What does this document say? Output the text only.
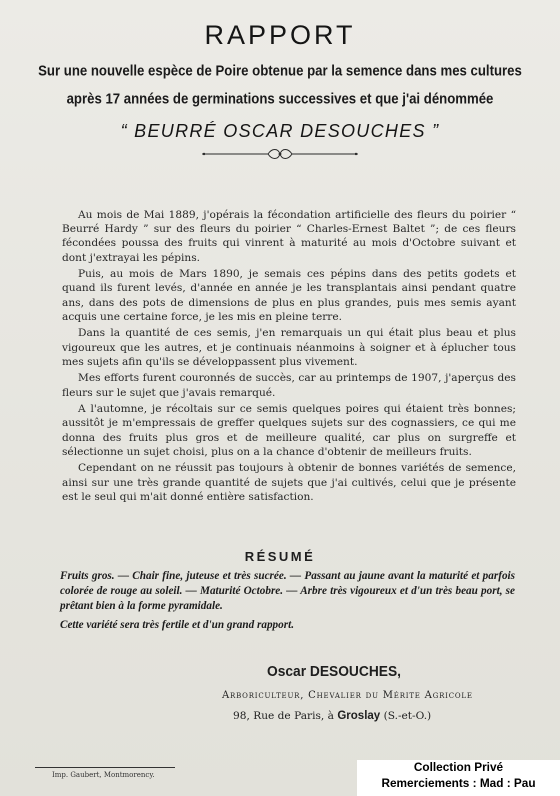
RAPPORT
Sur une nouvelle espèce de Poire obtenue par la semence dans mes cultures
après 17 années de germinations successives et que j'ai dénommée
“ BEURRÉ OSCAR DESOUCHES ”

Au mois de Mai 1889, j'opérais la fécondation artificielle des fleurs du poirier “ Beurré Hardy ” sur des fleurs du poirier “ Charles-Ernest Baltet ”; de ces fleurs fécondées poussa des fruits qui vinrent à maturité au mois d'Octobre suivant et dont j'extrayai les pépins.

Puis, au mois de Mars 1890, je semais ces pépins dans des petits godets et quand ils furent levés, d'année en année je les transplantais ainsi pendant quatre ans, dans des pots de dimensions de plus en plus grandes, puis mes semis ayant acquis une certaine force, je les mis en pleine terre.

Dans la quantité de ces semis, j'en remarquais un qui était plus beau et plus vigoureux que les autres, et je continuais néanmoins à soigner et à éplucher tous mes sujets afin qu'ils se développassent plus vivement.

Mes efforts furent couronnés de succès, car au printemps de 1907, j'aperçus des fleurs sur le sujet que j'avais remarqué.

A l'automne, je récoltais sur ce semis quelques poires qui étaient très bonnes; aussitôt je m'empressais de greffer quelques sujets sur des cognassiers, ce qui me donna des fruits plus gros et de meilleure qualité, car plus on surgreffe et sélectionne un sujet choisi, plus on a la chance d'obtenir de meilleurs fruits.

Cependant on ne réussit pas toujours à obtenir de bonnes variétés de semence, ainsi sur une très grande quantité de sujets que j'ai cultivés, celui que je présente est le seul qui m'ait donné entière satisfaction.

RÉSUMÉ

Fruits gros. — Chair fine, juteuse et très sucrée. — Passant au jaune avant la maturité et parfois colorée de rouge au soleil. — Maturité Octobre. — Arbre très vigoureux et d'un très beau port, se prêtant bien à la forme pyramidale.

Cette variété sera très fertile et d'un grand rapport.

Oscar DESOUCHES,
Arboriculteur, Chevalier du Mérite Agricole
98, Rue de Paris, à Groslay (S.-et-O.)
Imp. Gaubert, Montmorency.
Collection Privé
Remerciements : Mad : Pau
